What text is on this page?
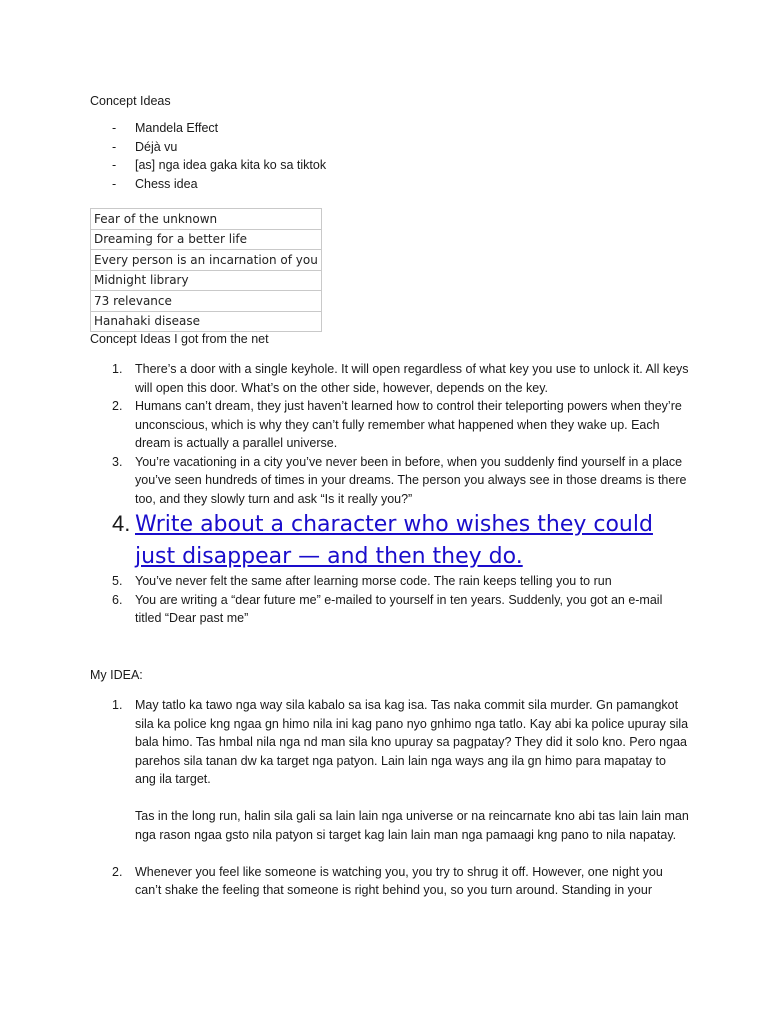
Concept Ideas
- Mandela Effect
- Déjà vu
- [as] nga idea gaka kita ko sa tiktok
- Chess idea
Fear of the unknown
Dreaming for a better life
Every person is an incarnation of you
Midnight library
73 relevance
Hanahaki disease
Concept Ideas I got from the net
1. There’s a door with a single keyhole. It will open regardless of what key you use to unlock it. All keys will open this door. What’s on the other side, however, depends on the key.
2. Humans can’t dream, they just haven’t learned how to control their teleporting powers when they’re unconscious, which is why they can’t fully remember what happened when they wake up. Each dream is actually a parallel universe.
3. You’re vacationing in a city you’ve never been in before, when you suddenly find yourself in a place you’ve seen hundreds of times in your dreams. The person you always see in those dreams is there too, and they slowly turn and ask “Is it really you?”
4. Write about a character who wishes they could just disappear — and then they do.
5. You’ve never felt the same after learning morse code. The rain keeps telling you to run
6. You are writing a “dear future me” e-mailed to yourself in ten years. Suddenly, you got an e-mail titled “Dear past me”
My IDEA:
1. May tatlo ka tawo nga way sila kabalo sa isa kag isa. Tas naka commit sila murder. Gn pamangkot sila ka police kng ngaa gn himo nila ini kag pano nyo gnhimo nga tatlo. Kay abi ka police upuray sila bala himo. Tas hmbal nila nga nd man sila kno upuray sa pagpatay? They did it solo kno. Pero ngaa parehos sila tanan dw ka target nga patyon. Lain lain nga ways ang ila gn himo para mapatay to ang ila target.
Tas in the long run, halin sila gali sa lain lain nga universe or na reincarnate kno abi tas lain lain man nga rason ngaa gsto nila patyon si target kag lain lain man nga pamaagi kng pano to nila napatay.
2. Whenever you feel like someone is watching you, you try to shrug it off. However, one night you can’t shake the feeling that someone is right behind you, so you turn around. Standing in your
